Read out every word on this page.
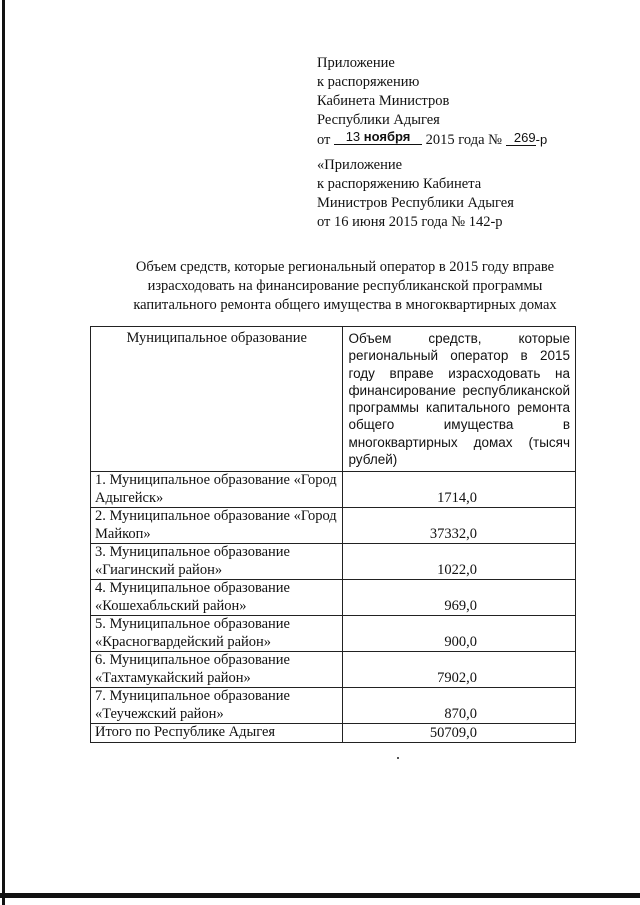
Приложение
к распоряжению
Кабинета Министров
Республики Адыгея
от 13 ноября 2015 года № 269-р
«Приложение
к распоряжению Кабинета
Министров Республики Адыгея
от 16 июня 2015 года № 142-р
Объем средств, которые региональный оператор в 2015 году вправе
израсходовать на финансирование республиканской программы
капитального ремонта общего имущества в многоквартирных домах
Муниципальное образование	Объем средств, которые региональный оператор в 2015 году вправе израсходовать на финансирование республиканской программы капитального ремонта общего имущества в многоквартирных домах (тысяч рублей)
1. Муниципальное образование «Город Адыгейск»	1714,0

2. Муниципальное образование «Город Майкоп»	37332,0

3. Муниципальное образование «Гиагинский район»	1022,0

4. Муниципальное образование «Кошехабльский район»	969,0

5. Муниципальное образование «Красногвардейский район»	900,0

6. Муниципальное образование «Тахтамукайский район»	7902,0

7. Муниципальное образование «Теучежский район»	870,0

Итого по Республике Адыгея	50709,0
